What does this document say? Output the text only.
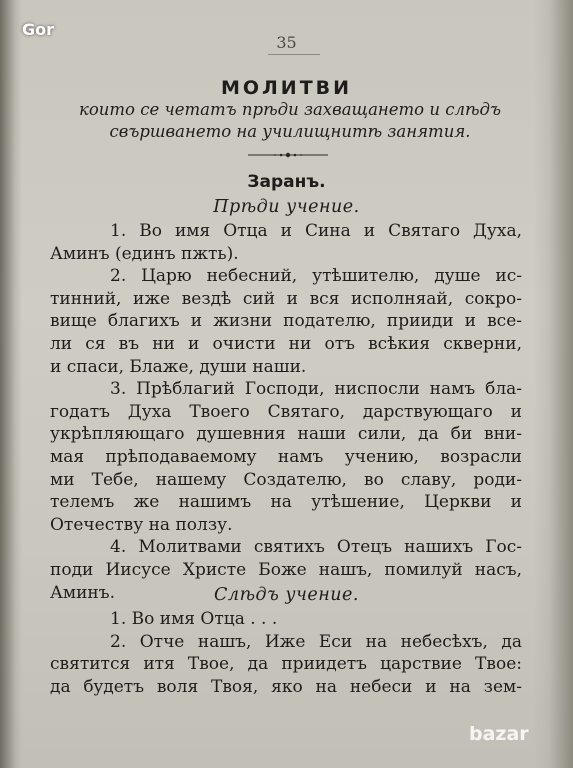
Gor
35
МОЛИТВИ
които се четатъ прѣди захващането и слѣдъ
свършването на училищнитѣ занятия.
Заранъ.
Прѣди учение.
1. Во имя Отца и Сина и Святаго Духа,
Аминъ (единъ пжть).
2. Царю небесний, утѣшителю, душе ис-
тинний, иже вездѣ сий и вся исполняай, сокро-
вище благихъ и жизни подателю, прииди и все-
ли ся въ ни и очисти ни отъ всѣкия скверни,
и спаси, Блаже, души наши.
3. Прѣблагий Господи, ниспосли намъ бла-
годатъ Духа Твоего Святаго, дарствующаго и
укрѣпляющаго душевния наши сили, да би вни-
мая прѣподаваемому намъ учению, возрасли
ми Тебе, нашему Создателю, во славу, роди-
телемъ же нашимъ на утѣшение, Церкви и
Отечеству на ползу.
4. Молитвами святихъ Отецъ нашихъ Гос-
поди Иисусе Христе Боже нашъ, помилуй насъ,
Аминъ.	Слѣдъ учение.
1. Во имя Отца . . .
2. Отче нашъ, Иже Еси на небесѣхъ, да
святится итя Твое, да приидетъ царствие Твое:
да бyдетъ воля Твоя, яко на небеси и на зем-
bazar
